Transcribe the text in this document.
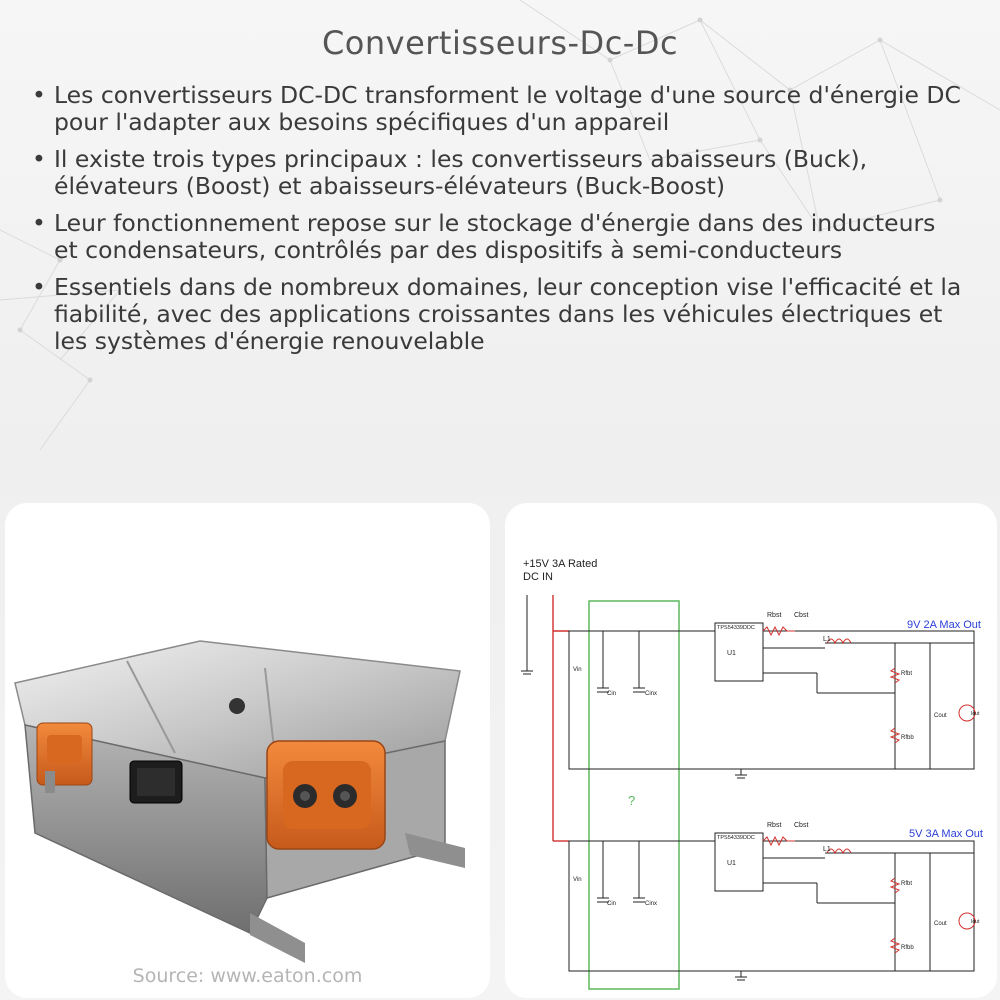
Convertisseurs-Dc-Dc
• Les convertisseurs DC-DC transforment le voltage d'une source d'énergie DC pour l'adapter aux besoins spécifiques d'un appareil
• Il existe trois types principaux : les convertisseurs abaisseurs (Buck), élévateurs (Boost) et abaisseurs-élévateurs (Buck-Boost)
• Leur fonctionnement repose sur le stockage d'énergie dans des inducteurs et condensateurs, contrôlés par des dispositifs à semi-conducteurs
• Essentiels dans de nombreux domaines, leur conception vise l'efficacité et la fiabilité, avec des applications croissantes dans les véhicules électriques et les systèmes d'énergie renouvelable
Source: www.eaton.com
+15V 3A Rated
DC IN
?
TPS54339DDC
U1
Rbst Cbst
L1
Rfbt
Rfbb
Cin	Cinx
Cout	Iout
Vin
9V 2A Max Out
TPS54339DDC
U1
Rbst Cbst
L1
Rfbt
Rfbb
Cin	Cinx
Cout	Iout
Vin
5V 3A Max Out
